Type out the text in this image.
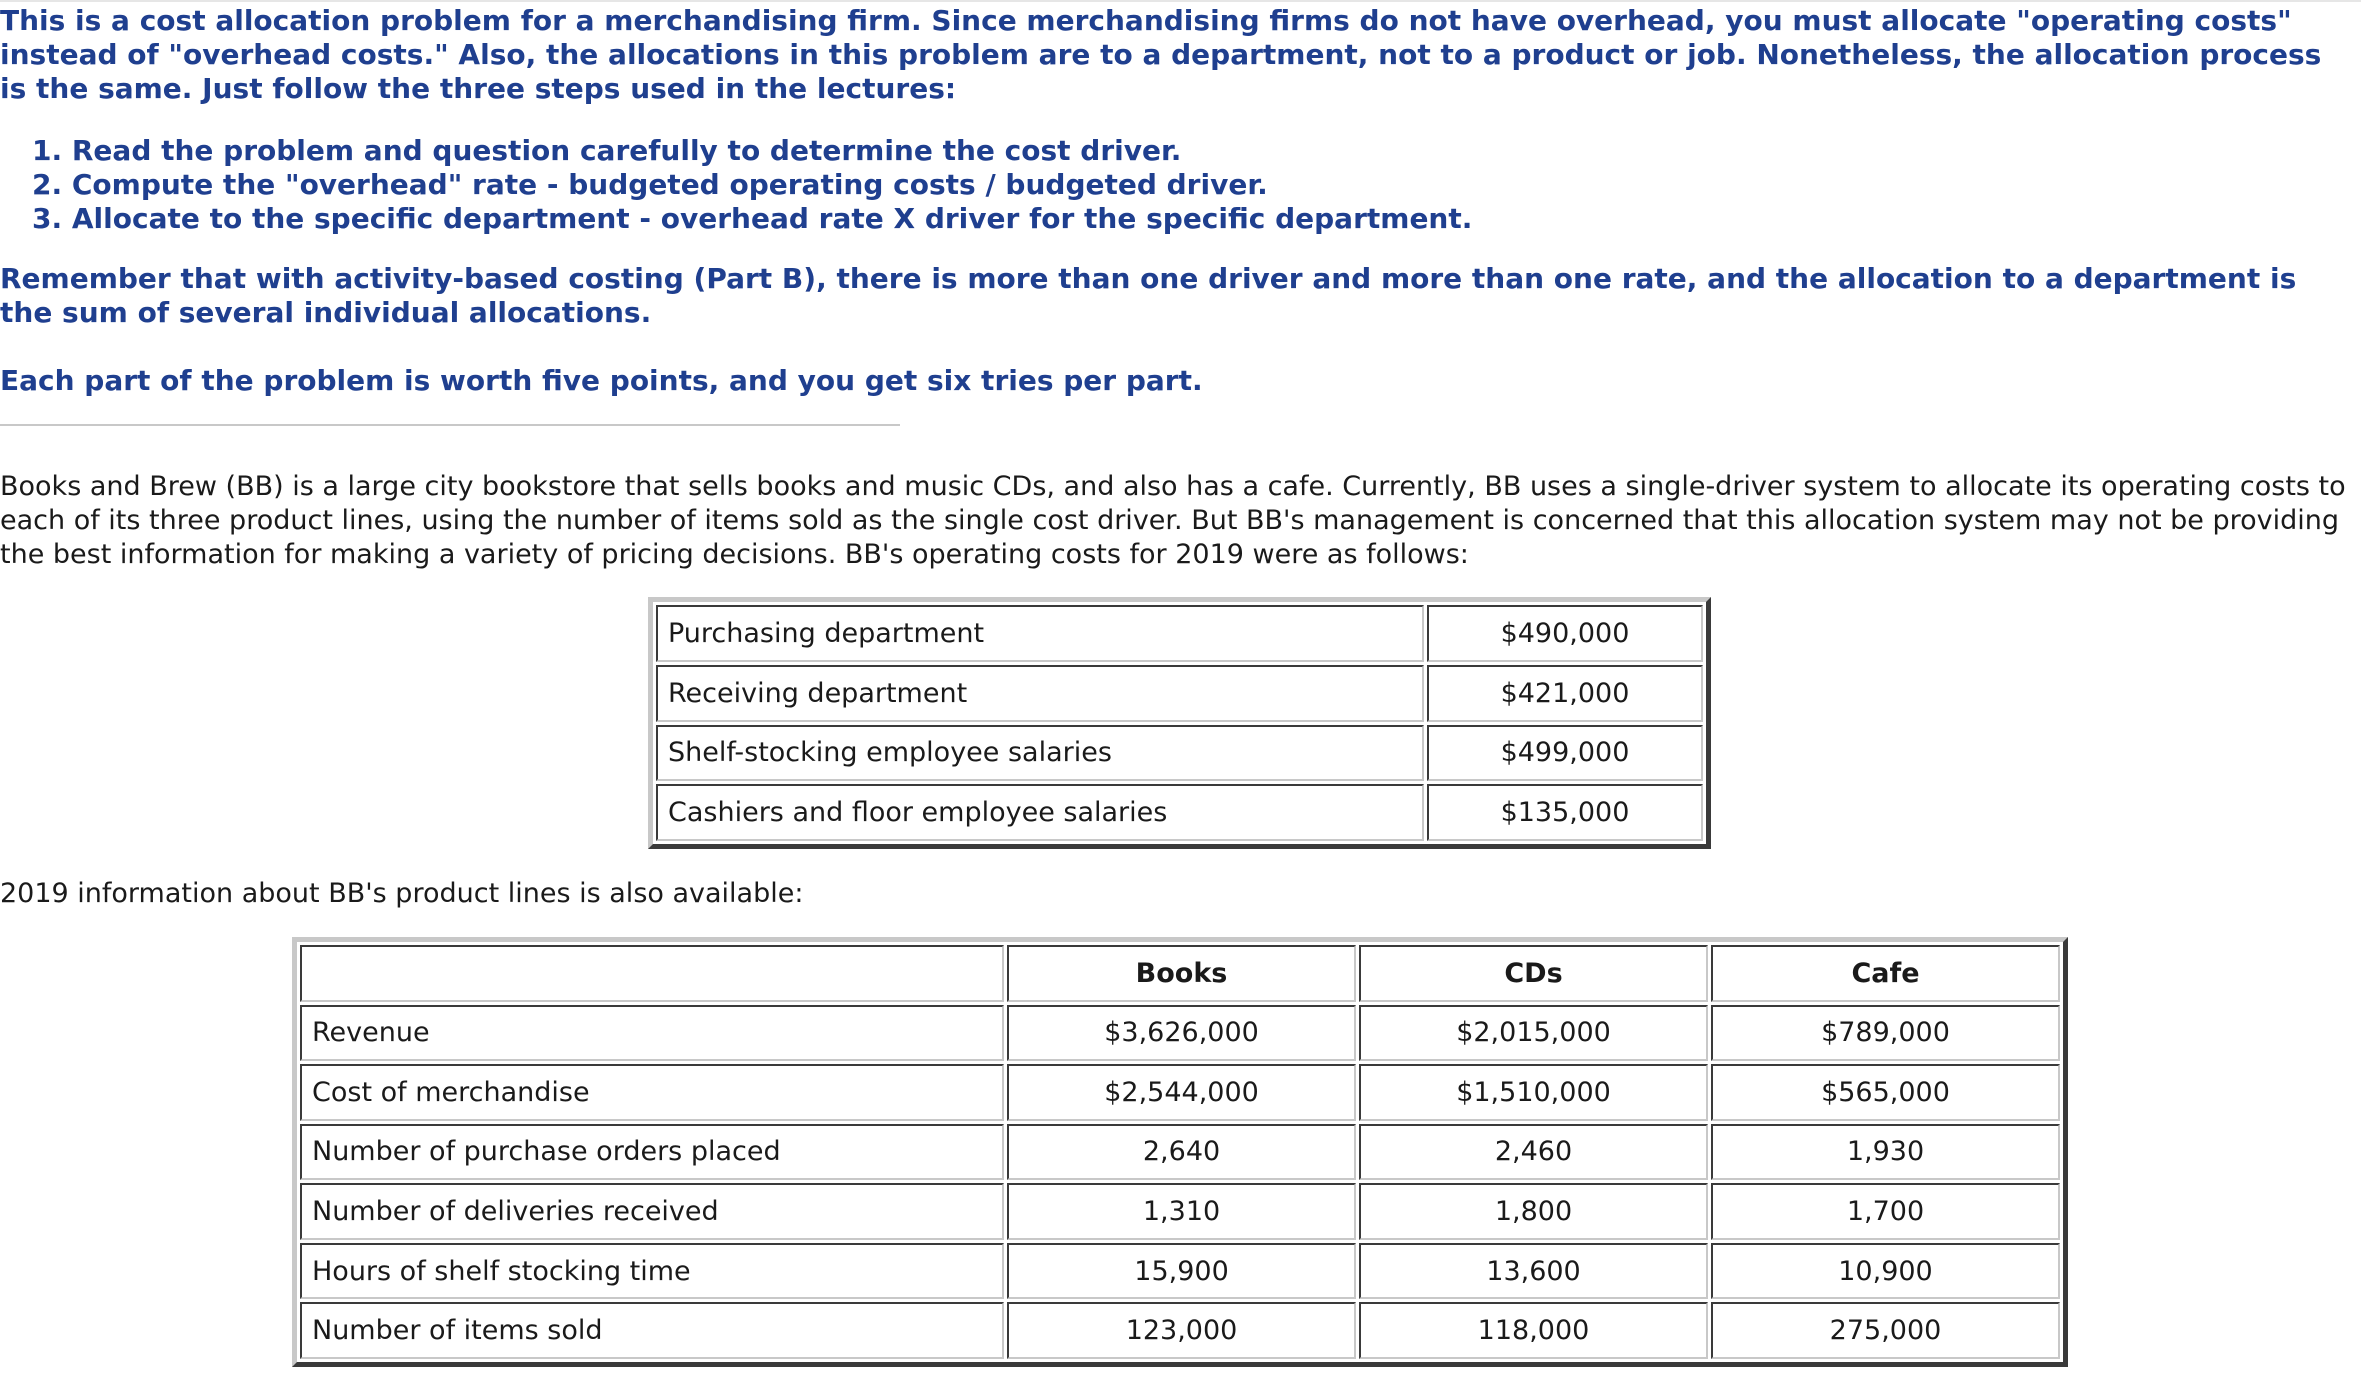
This is a cost allocation problem for a merchandising firm. Since merchandising firms do not have overhead, you must allocate "operating costs" instead of "overhead costs." Also, the allocations in this problem are to a department, not to a product or job. Nonetheless, the allocation process is the same. Just follow the three steps used in the lectures:

1. Read the problem and question carefully to determine the cost driver.
2. Compute the "overhead" rate - budgeted operating costs / budgeted driver.
3. Allocate to the specific department - overhead rate X driver for the specific department.

Remember that with activity-based costing (Part B), there is more than one driver and more than one rate, and the allocation to a department is the sum of several individual allocations.

Each part of the problem is worth five points, and you get six tries per part.

Books and Brew (BB) is a large city bookstore that sells books and music CDs, and also has a cafe. Currently, BB uses a single-driver system to allocate its operating costs to each of its three product lines, using the number of items sold as the single cost driver. But BB's management is concerned that this allocation system may not be providing the best information for making a variety of pricing decisions. BB's operating costs for 2019 were as follows:

Purchasing department	$490,000
Receiving department	$421,000
Shelf-stocking employee salaries	$499,000
Cashiers and floor employee salaries	$135,000

2019 information about BB's product lines is also available:

	Books	CDs	Cafe
Revenue	$3,626,000	$2,015,000	$789,000
Cost of merchandise	$2,544,000	$1,510,000	$565,000
Number of purchase orders placed	2,640	2,460	1,930
Number of deliveries received	1,310	1,800	1,700
Hours of shelf stocking time	15,900	13,600	10,900
Number of items sold	123,000	118,000	275,000
